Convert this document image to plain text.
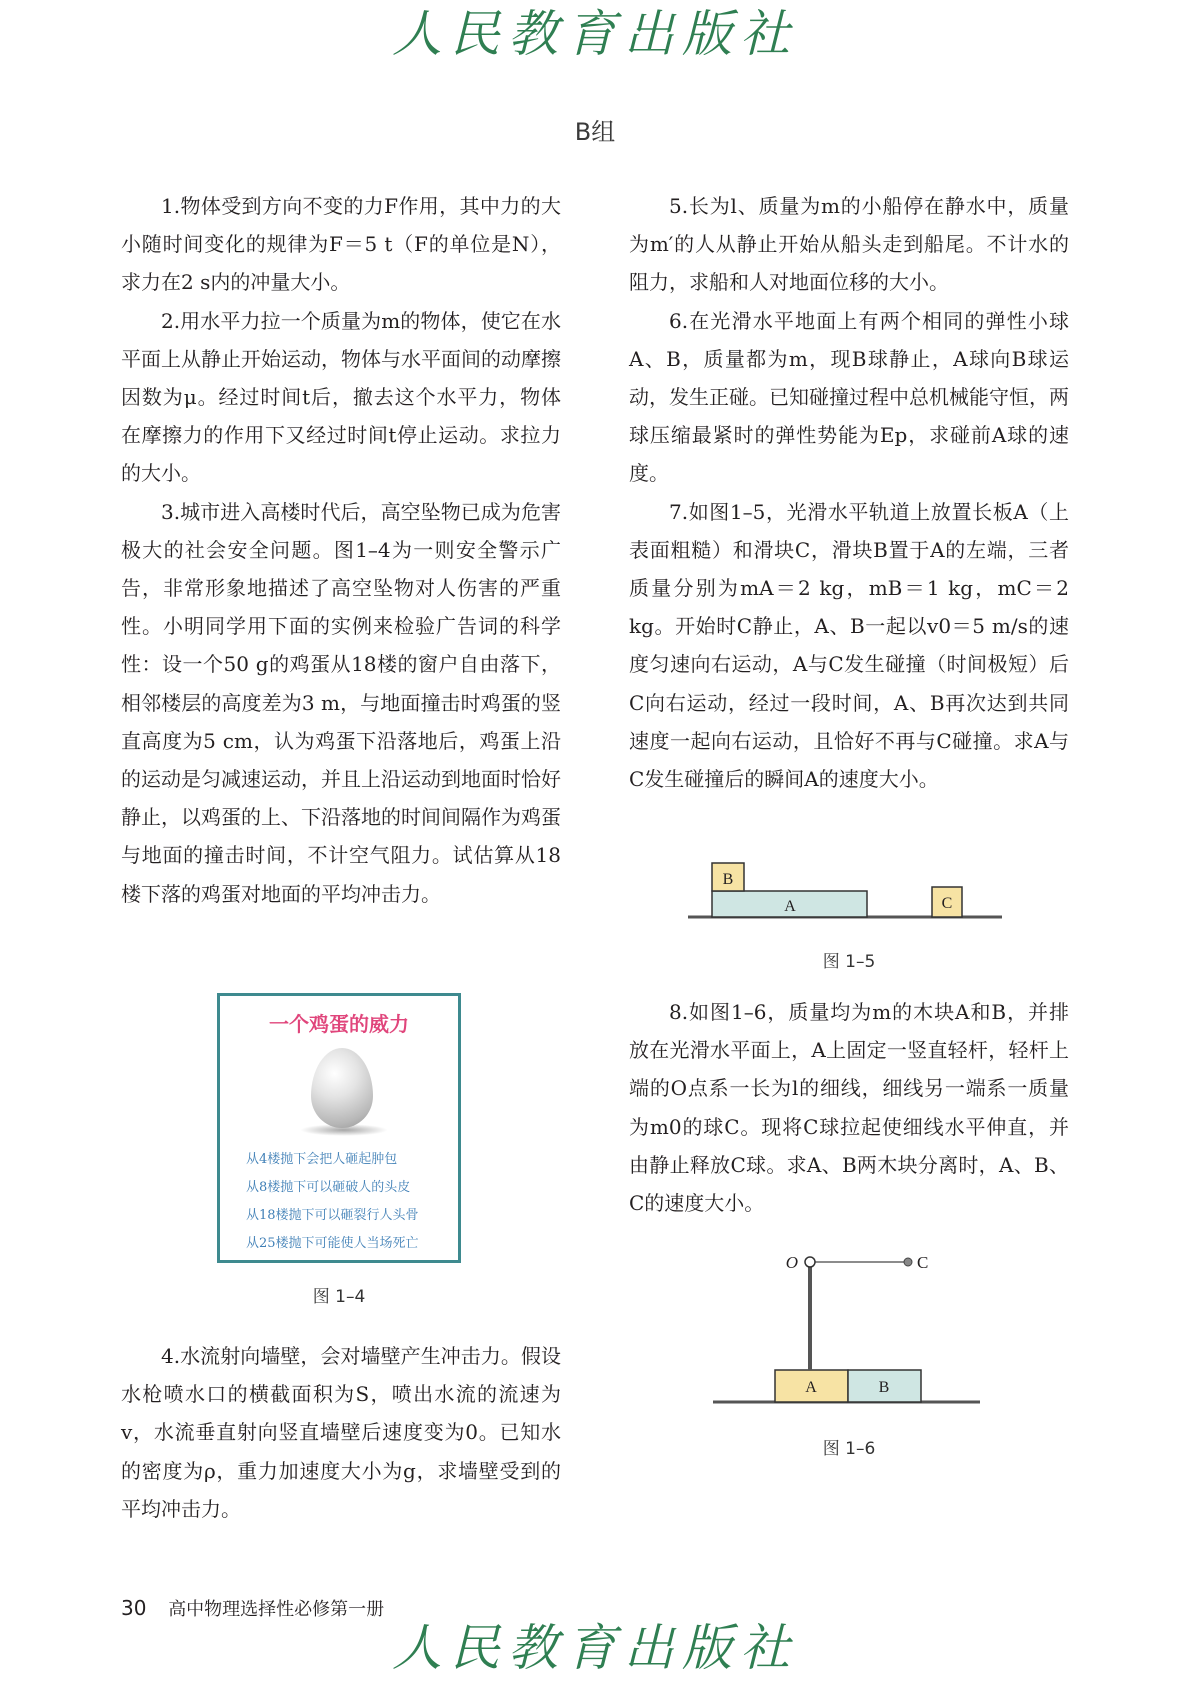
人民教育出版社
B组

1.物体受到方向不变的力F作用，其中力的大小随时间变化的规律为F＝5 t（F的单位是N），求力在2 s内的冲量大小。

2.用水平力拉一个质量为m的物体，使它在水平面上从静止开始运动，物体与水平面间的动摩擦因数为μ。经过时间t后，撤去这个水平力，物体在摩擦力的作用下又经过时间t停止运动。求拉力的大小。

3.城市进入高楼时代后，高空坠物已成为危害极大的社会安全问题。图1–4为一则安全警示广告，非常形象地描述了高空坠物对人伤害的严重性。小明同学用下面的实例来检验广告词的科学性：设一个50 g的鸡蛋从18楼的窗户自由落下，相邻楼层的高度差为3 m，与地面撞击时鸡蛋的竖直高度为5 cm，认为鸡蛋下沿落地后，鸡蛋上沿的运动是匀减速运动，并且上沿运动到地面时恰好静止，以鸡蛋的上、下沿落地的时间间隔作为鸡蛋与地面的撞击时间，不计空气阻力。试估算从18楼下落的鸡蛋对地面的平均冲击力。

一个鸡蛋的威力
从4楼抛下会把人砸起肿包
从8楼抛下可以砸破人的头皮
从18楼抛下可以砸裂行人头骨
从25楼抛下可能使人当场死亡
图 1–4

4.水流射向墙壁，会对墙壁产生冲击力。假设水枪喷水口的横截面积为S，喷出水流的流速为v，水流垂直射向竖直墙壁后速度变为0。已知水的密度为ρ，重力加速度大小为g，求墙壁受到的平均冲击力。

5.长为l、质量为m的小船停在静水中，质量为m′的人从静止开始从船头走到船尾。不计水的阻力，求船和人对地面位移的大小。

6.在光滑水平地面上有两个相同的弹性小球A、B，质量都为m，现B球静止，A球向B球运动，发生正碰。已知碰撞过程中总机械能守恒，两球压缩最紧时的弹性势能为Ep，求碰前A球的速度。

7.如图1–5，光滑水平轨道上放置长板A（上表面粗糙）和滑块C，滑块B置于A的左端，三者质量分别为mA＝2 kg，mB＝1 kg，mC＝2 kg。开始时C静止，A、B一起以v0＝5 m/s的速度匀速向右运动，A与C发生碰撞（时间极短）后C向右运动，经过一段时间，A、B再次达到共同速度一起向右运动，且恰好不再与C碰撞。求A与C发生碰撞后的瞬间A的速度大小。

A
B
C
图 1–5

8.如图1–6，质量均为m的木块A和B，并排放在光滑水平面上，A上固定一竖直轻杆，轻杆上端的O点系一长为l的细线，细线另一端系一质量为m0的球C。现将C球拉起使细线水平伸直，并由静止释放C球。求A、B两木块分离时，A、B、C的速度大小。

O	C
A	B
图 1–6
30 高中物理选择性必修第一册
人民教育出版社
